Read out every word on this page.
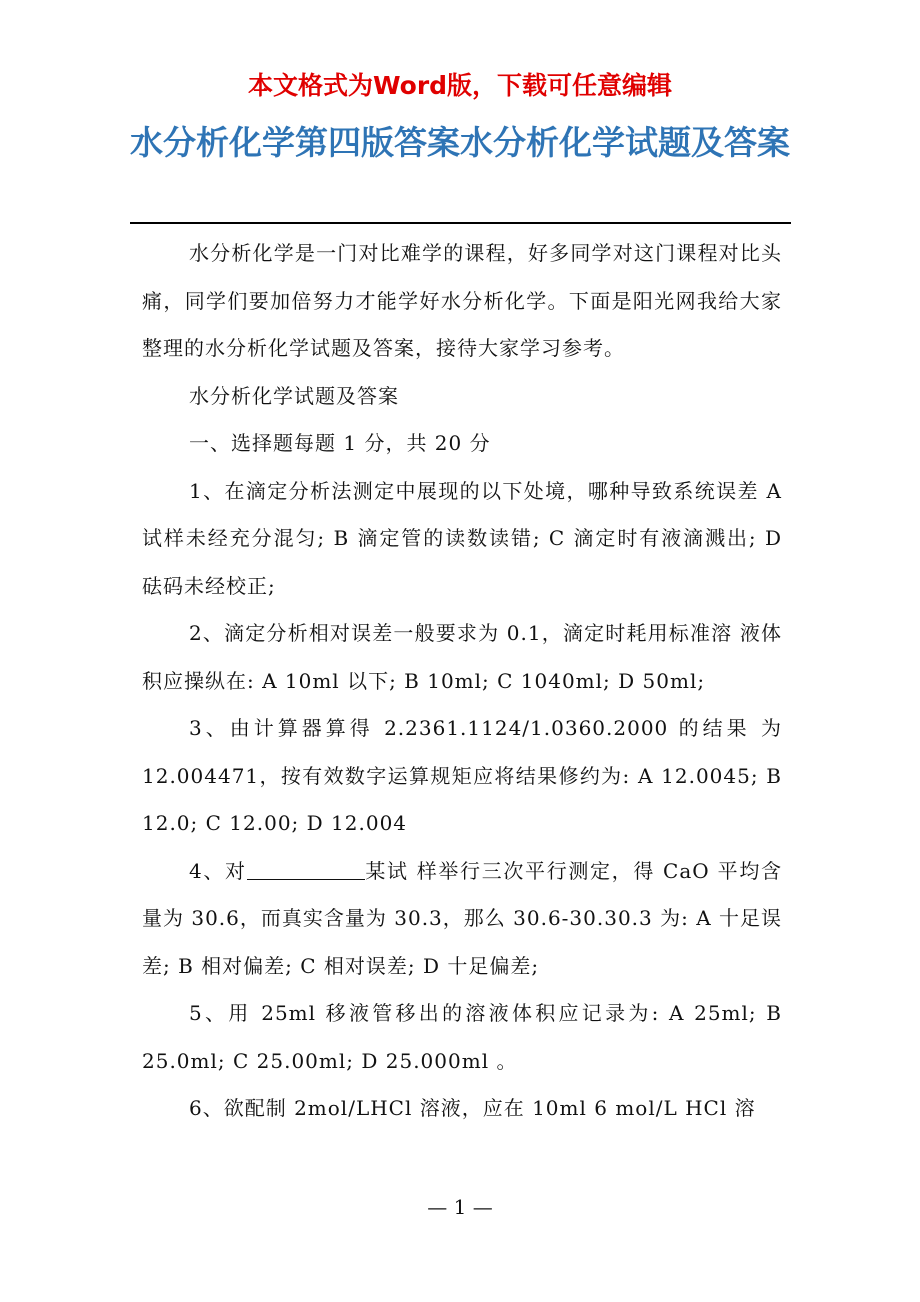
本文格式为Word版，下载可任意编辑

水分析化学第四版答案水分析化学试题及答案

水分析化学是一门对比难学的课程，好多同学对这门课程对比头痛，同学们要加倍努力才能学好水分析化学。下面是阳光网我给大家整理的水分析化学试题及答案，接待大家学习参考。

水分析化学试题及答案

一、选择题每题 1 分，共 20 分

1、在滴定分析法测定中展现的以下处境，哪种导致系统误差 A 试样未经充分混匀; B 滴定管的读数读错; C 滴定时有液滴溅出; D 砝码未经校正;

2、滴定分析相对误差一般要求为 0.1，滴定时耗用标准溶 液体积应操纵在: A 10ml 以下; B 10ml; C 1040ml; D 50ml;

3、由计算器算得 2.2361.1124/1.0360.2000 的结果 为 12.004471，按有效数字运算规矩应将结果修约为: A 12.0045; B 12.0; C 12.00; D 12.004

4、对	某试 样举行三次平行测定，得 CaO 平均含量为 30.6，而真实含量为 30.3，那么 30.6-30.30.3 为: A 十足误差; B 相对偏差; C 相对误差; D 十足偏差;

5、用 25ml 移液管移出的溶液体积应记录为: A 25ml; B 25.0ml; C 25.00ml; D 25.000ml 。

6、欲配制 2mol/LHCl 溶液，应在 10ml 6 mol/L HCl 溶

— 1 —
